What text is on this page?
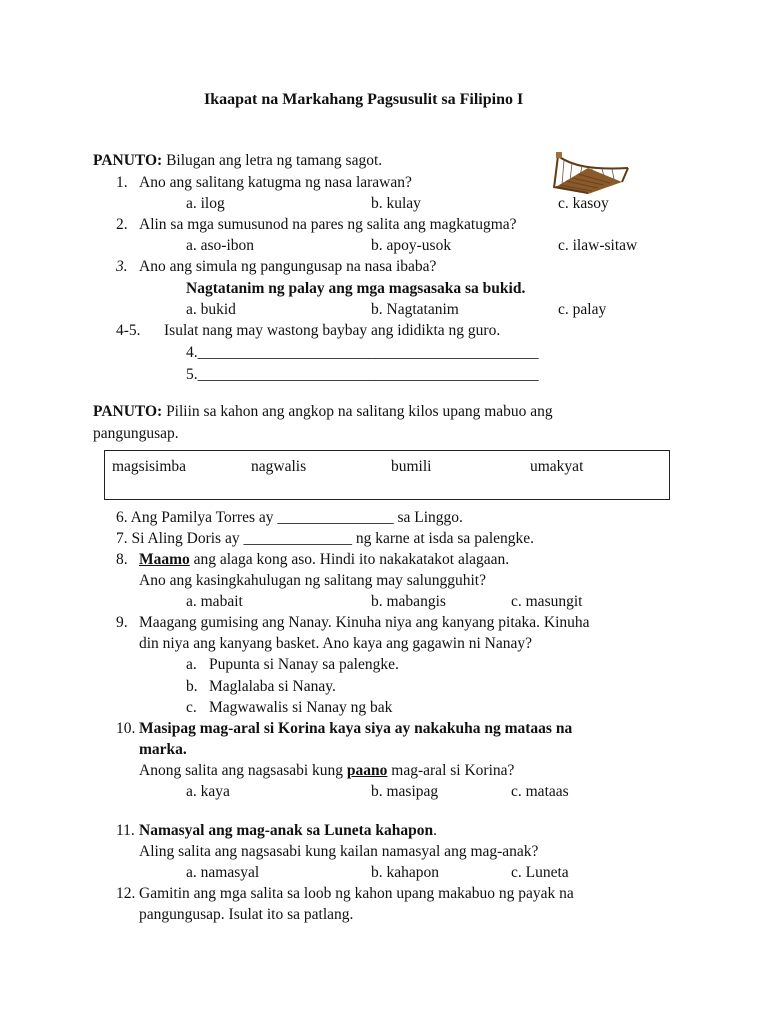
Ikaapat na Markahang Pagsusulit sa Filipino I
PANUTO: Bilugan ang letra ng tamang sagot.
1. Ano ang salitang katugma ng nasa larawan?
a. ilog	b. kulay	c. kasoy
2. Alin sa mga sumusunod na pares ng salita ang magkatugma?
a. aso-ibon	b. apoy-usok	c. ilaw-sitaw
3. Ano ang simula ng pangungusap na nasa ibaba?
Nagtatanim ng palay ang mga magsasaka sa bukid.
a. bukid	b. Nagtatanim	c. palay
4-5. Isulat nang may wastong baybay ang ididikta ng guro.
4.____________________________________________
5.____________________________________________
PANUTO: Piliin sa kahon ang angkop na salitang kilos upang mabuo ang
pangungusap.
magsisimba	nagwalis	bumili	umakyat
6. Ang Pamilya Torres ay _______________ sa Linggo.
7. Si Aling Doris ay ______________ ng karne at isda sa palengke.
8. Maamo ang alaga kong aso. Hindi ito nakakatakot alagaan.
Ano ang kasingkahulugan ng salitang may salungguhit?
a. mabait	b. mabangis	c. masungit
9. Maagang gumising ang Nanay. Kinuha niya ang kanyang pitaka. Kinuha
din niya ang kanyang basket. Ano kaya ang gagawin ni Nanay?
a. Pupunta si Nanay sa palengke.
b. Maglalaba si Nanay.
c. Magwawalis si Nanay ng bak
10. Masipag mag-aral si Korina kaya siya ay nakakuha ng mataas na
marka.
Anong salita ang nagsasabi kung paano mag-aral si Korina?
a. kaya	b. masipag	c. mataas
11. Namasyal ang mag-anak sa Luneta kahapon.
Aling salita ang nagsasabi kung kailan namasyal ang mag-anak?
a. namasyal	b. kahapon	c. Luneta
12. Gamitin ang mga salita sa loob ng kahon upang makabuo ng payak na
pangungusap. Isulat ito sa patlang.
